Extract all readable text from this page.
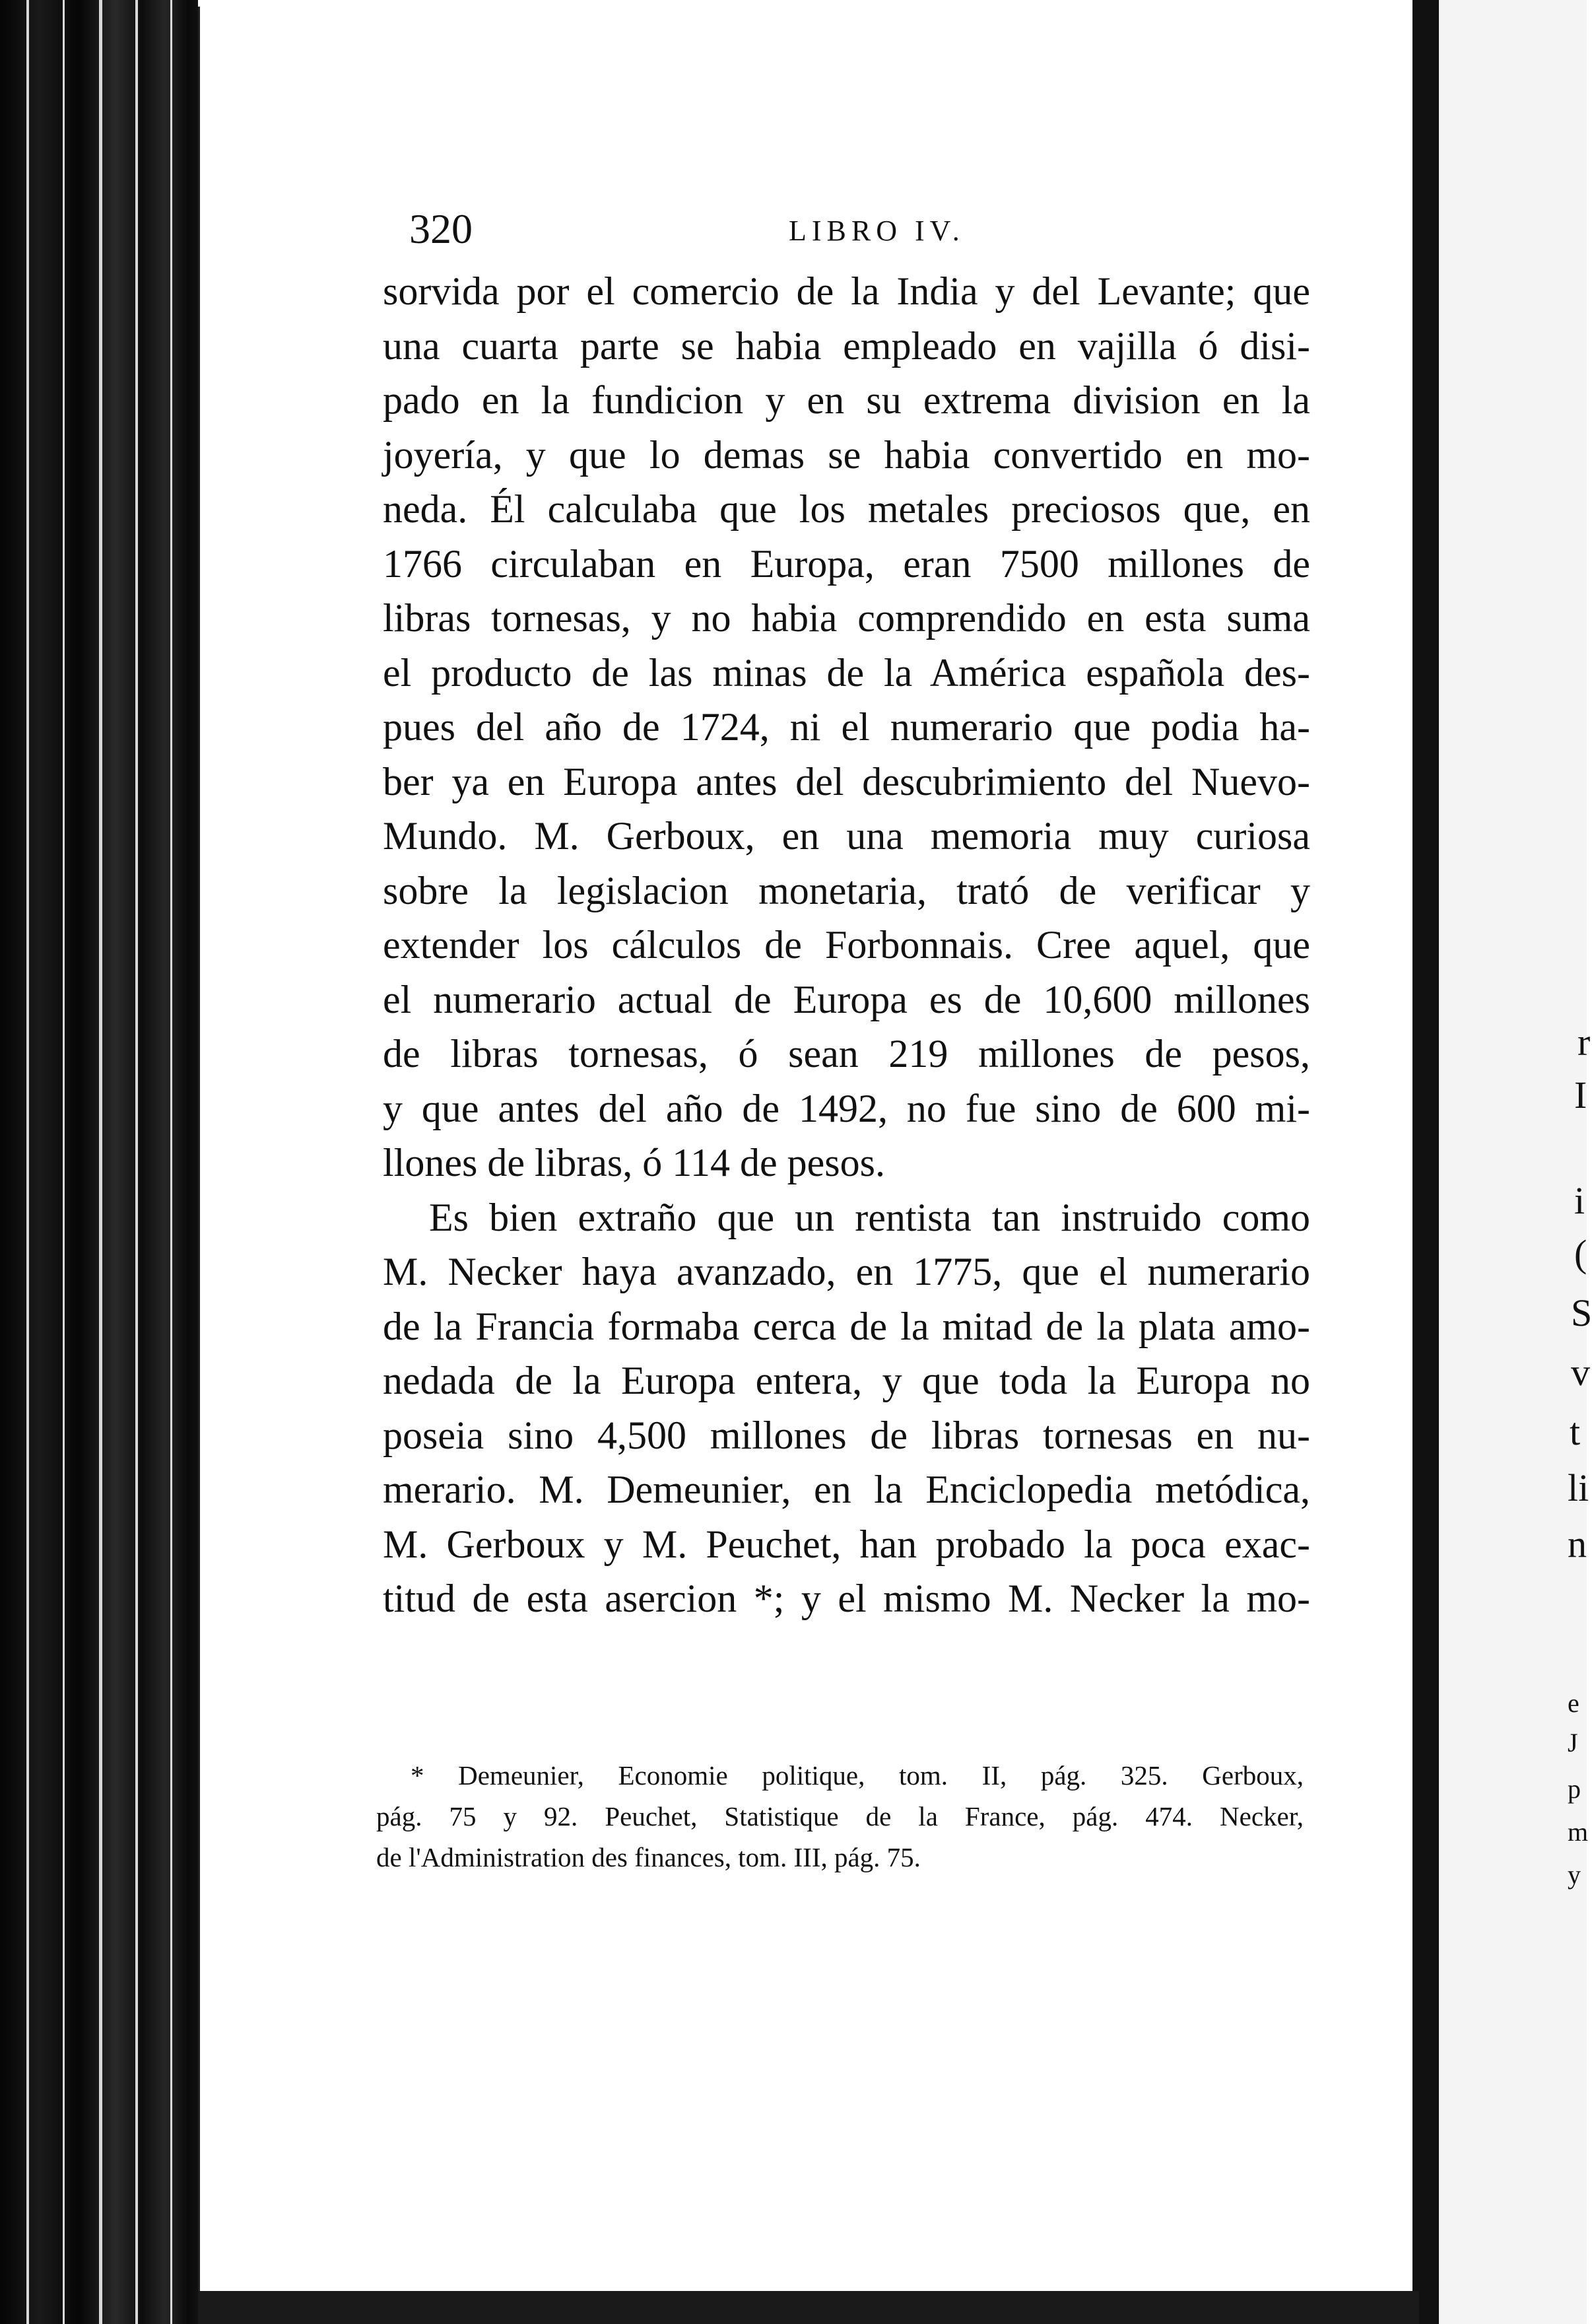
r
I
i
(
S
v
t
li
n
e
J
p
m
y
320	LIBRO IV.
sorvida por el comercio de la India y del Levante; que
una cuarta parte se habia empleado en vajilla ó disi-
pado en la fundicion y en su extrema division en la
joyería, y que lo demas se habia convertido en mo-
neda. Él calculaba que los metales preciosos que, en
1766 circulaban en Europa, eran 7500 millones de
libras tornesas, y no habia comprendido en esta suma
el producto de las minas de la América española des-
pues del año de 1724, ni el numerario que podia ha-
ber ya en Europa antes del descubrimiento del Nuevo-
Mundo. M. Gerboux, en una memoria muy curiosa
sobre la legislacion monetaria, trató de verificar y
extender los cálculos de Forbonnais. Cree aquel, que
el numerario actual de Europa es de 10,600 millones
de libras tornesas, ó sean 219 millones de pesos,
y que antes del año de 1492, no fue sino de 600 mi-
llones de libras, ó 114 de pesos.
Es bien extraño que un rentista tan instruido como
M. Necker haya avanzado, en 1775, que el numerario
de la Francia formaba cerca de la mitad de la plata amo-
nedada de la Europa entera, y que toda la Europa no
poseia sino 4,500 millones de libras tornesas en nu-
merario. M. Demeunier, en la Enciclopedia metódica,
M. Gerboux y M. Peuchet, han probado la poca exac-
titud de esta asercion *; y el mismo M. Necker la mo-
* Demeunier, Economie politique, tom. II, pág. 325. Gerboux,
pág. 75 y 92. Peuchet, Statistique de la France, pág. 474. Necker,
de l'Administration des finances, tom. III, pág. 75.
